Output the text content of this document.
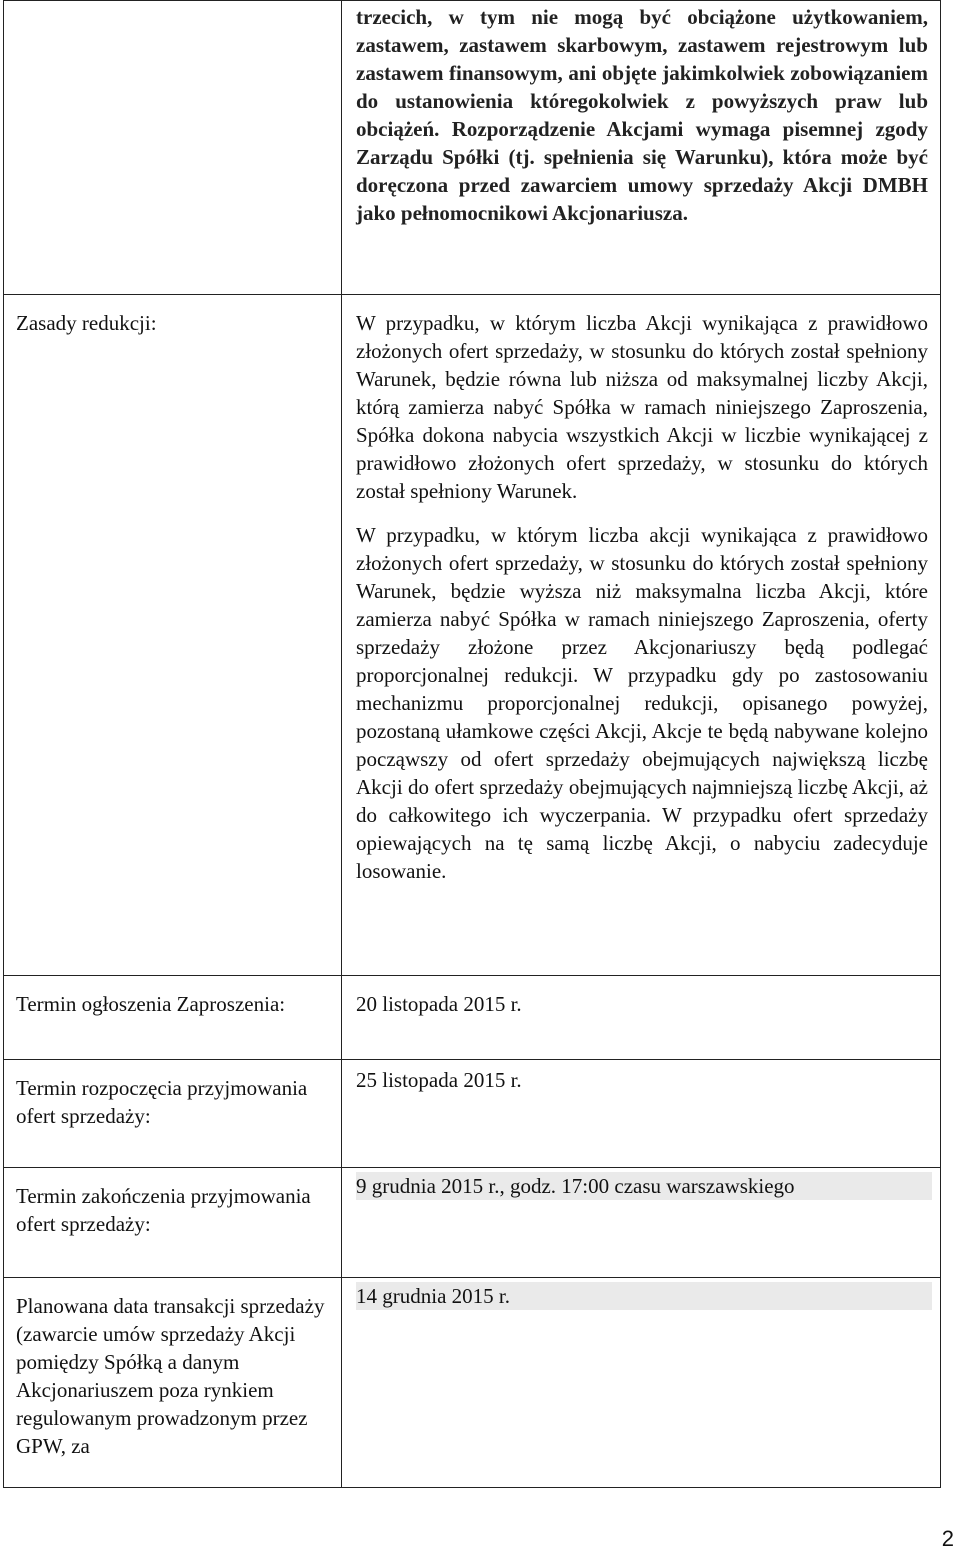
	trzecich, w tym nie mogą być obciążone użytkowaniem, zastawem, zastawem skarbowym, zastawem rejestrowym lub zastawem finansowym, ani objęte jakimkolwiek zobowiązaniem do ustanowienia któregokolwiek z powyższych praw lub obciążeń. Rozporządzenie Akcjami wymaga pisemnej zgody Zarządu Spółki (tj. spełnienia się Warunku), która może być doręczona przed zawarciem umowy sprzedaży Akcji DMBH jako pełnomocnikowi Akcjonariusza.

Zasady redukcji:	W przypadku, w którym liczba Akcji wynikająca z prawidłowo złożonych ofert sprzedaży, w stosunku do których został spełniony Warunek, będzie równa lub niższa od maksymalnej liczby Akcji, którą zamierza nabyć Spółka w ramach niniejszego Zaproszenia, Spółka dokona nabycia wszystkich Akcji w liczbie wynikającej z prawidłowo złożonych ofert sprzedaży, w stosunku do których został spełniony Warunek.
W przypadku, w którym liczba akcji wynikająca z prawidłowo złożonych ofert sprzedaży, w stosunku do których został spełniony Warunek, będzie wyższa niż maksymalna liczba Akcji, które zamierza nabyć Spółka w ramach niniejszego Zaproszenia, oferty sprzedaży złożone przez Akcjonariuszy będą podlegać proporcjonalnej redukcji. W przypadku gdy po zastosowaniu mechanizmu proporcjonalnej redukcji, opisanego powyżej, pozostaną ułamkowe części Akcji, Akcje te będą nabywane kolejno począwszy od ofert sprzedaży obejmujących największą liczbę Akcji do ofert sprzedaży obejmujących najmniejszą liczbę Akcji, aż do całkowitego ich wyczerpania. W przypadku ofert sprzedaży opiewających na tę samą liczbę Akcji, o nabyciu zadecyduje losowanie.

Termin ogłoszenia Zaproszenia:	20 listopada 2015 r.

Termin rozpoczęcia przyjmowania ofert sprzedaży:	25 listopada 2015 r.

Termin zakończenia przyjmowania ofert sprzedaży:	9 grudnia 2015 r., godz. 17:00 czasu warszawskiego

Planowana data transakcji sprzedaży (zawarcie umów sprzedaży Akcji pomiędzy Spółką a danym Akcjonariuszem poza rynkiem regulowanym prowadzonym przez GPW, za	14 grudnia 2015 r.
2
